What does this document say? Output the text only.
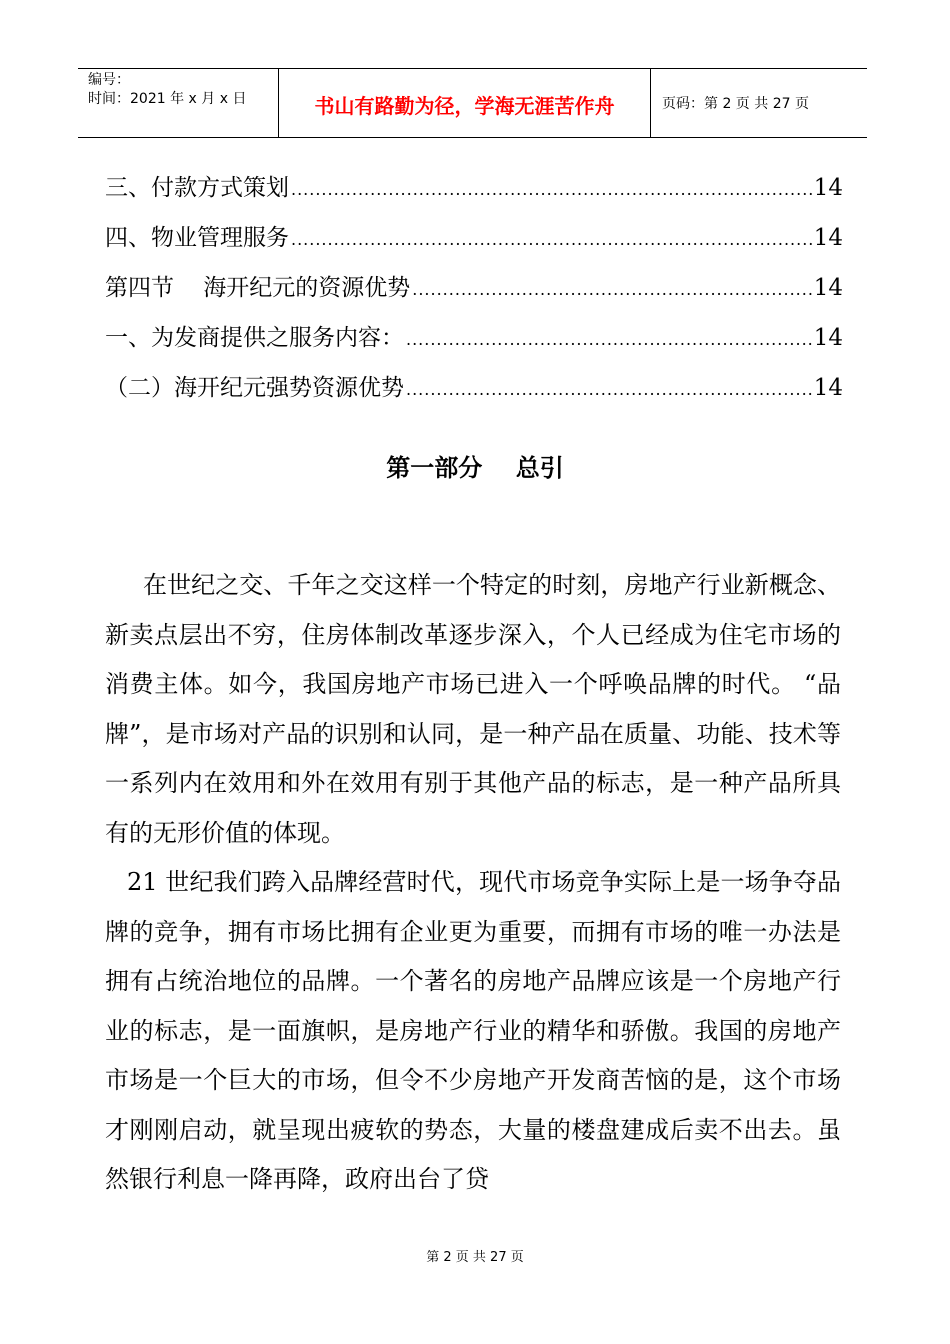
编号：
时间：2021 年 x 月 x 日	书山有路勤为径，学海无涯苦作舟	页码：第 2 页 共 27 页
三、付款方式策划 .....	14
四、物业管理服务 .....	14
第四节    海开纪元的资源优势 .....	14
一、为发商提供之服务内容： .....	14
（二）海开纪元强势资源优势 .....	14
第一部分    总引

在世纪之交、千年之交这样一个特定的时刻，房地产行业新概念、新卖点层出不穷，住房体制改革逐步深入，个人已经成为住宅市场的消费主体。如今，我国房地产市场已进入一个呼唤品牌的时代。 “品牌”，是市场对产品的识别和认同，是一种产品在质量、功能、技术等一系列内在效用和外在效用有别于其他产品的标志，是一种产品所具有的无形价值的体现。

21 世纪我们跨入品牌经营时代，现代市场竞争实际上是一场争夺品牌的竞争，拥有市场比拥有企业更为重要，而拥有市场的唯一办法是拥有占统治地位的品牌。一个著名的房地产品牌应该是一个房地产行业的标志，是一面旗帜，是房地产行业的精华和骄傲。我国的房地产市场是一个巨大的市场，但令不少房地产开发商苦恼的是，这个市场才刚刚启动，就呈现出疲软的势态，大量的楼盘建成后卖不出去。虽然银行利息一降再降，政府出台了贷

第 2 页 共 27 页
